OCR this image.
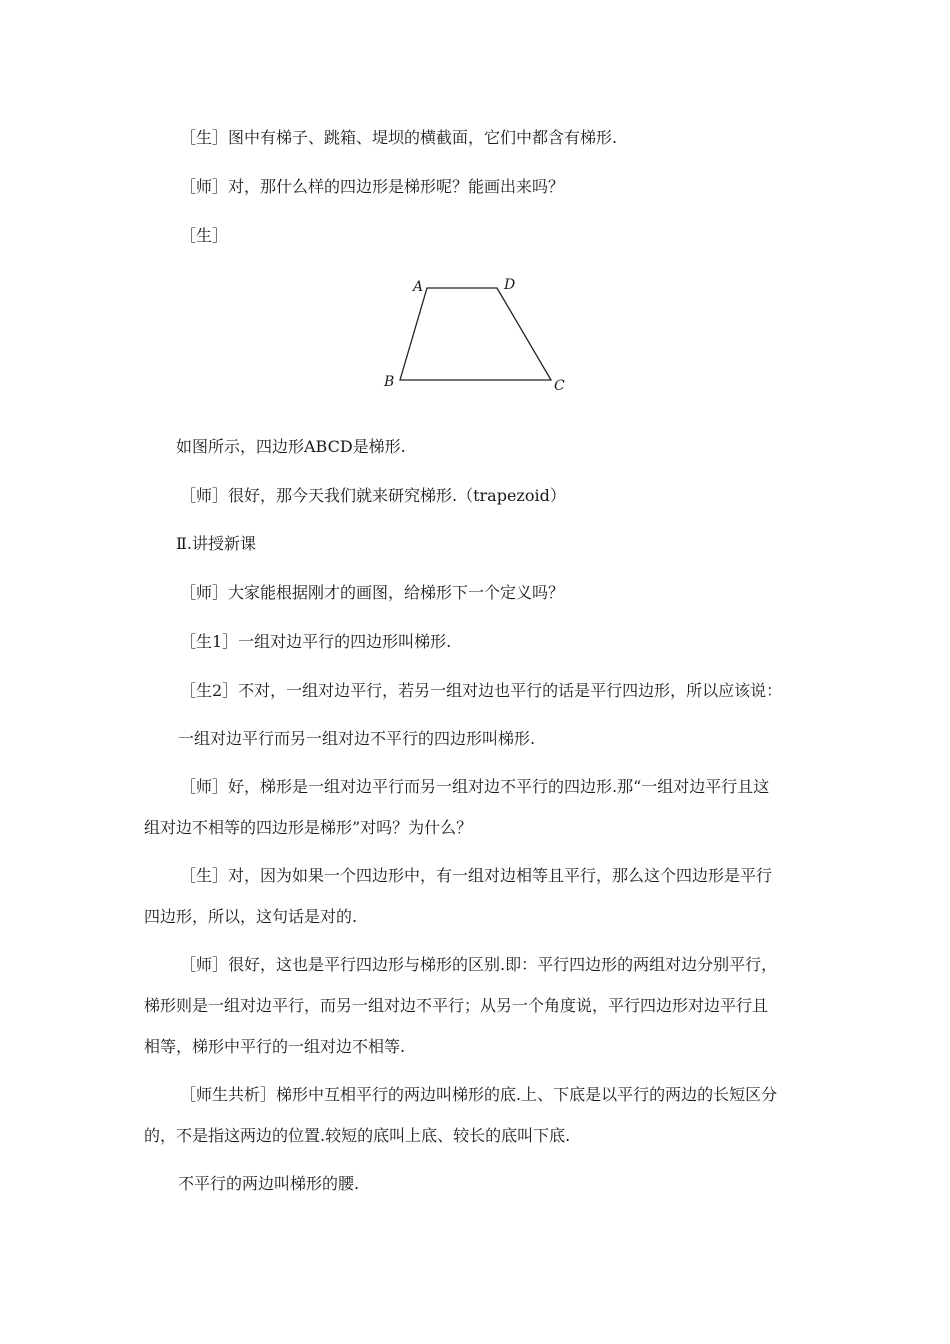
［生］图中有梯子、跳箱、堤坝的横截面，它们中都含有梯形.
［师］对，那什么样的四边形是梯形呢？能画出来吗？
［生］
A	D
B	C
如图所示，四边形ABCD是梯形.
［师］很好，那今天我们就来研究梯形.（trapezoid）
Ⅱ.讲授新课
［师］大家能根据刚才的画图，给梯形下一个定义吗？
［生1］一组对边平行的四边形叫梯形.
［生2］不对，一组对边平行，若另一组对边也平行的话是平行四边形，所以应该说：
一组对边平行而另一组对边不平行的四边形叫梯形.
［师］好，梯形是一组对边平行而另一组对边不平行的四边形.那“一组对边平行且这
组对边不相等的四边形是梯形”对吗？为什么？
［生］对，因为如果一个四边形中，有一组对边相等且平行，那么这个四边形是平行
四边形，所以，这句话是对的.
［师］很好，这也是平行四边形与梯形的区别.即：平行四边形的两组对边分别平行，
梯形则是一组对边平行，而另一组对边不平行；从另一个角度说，平行四边形对边平行且
相等，梯形中平行的一组对边不相等.
［师生共析］梯形中互相平行的两边叫梯形的底.上、下底是以平行的两边的长短区分
的，不是指这两边的位置.较短的底叫上底、较长的底叫下底.
不平行的两边叫梯形的腰.
